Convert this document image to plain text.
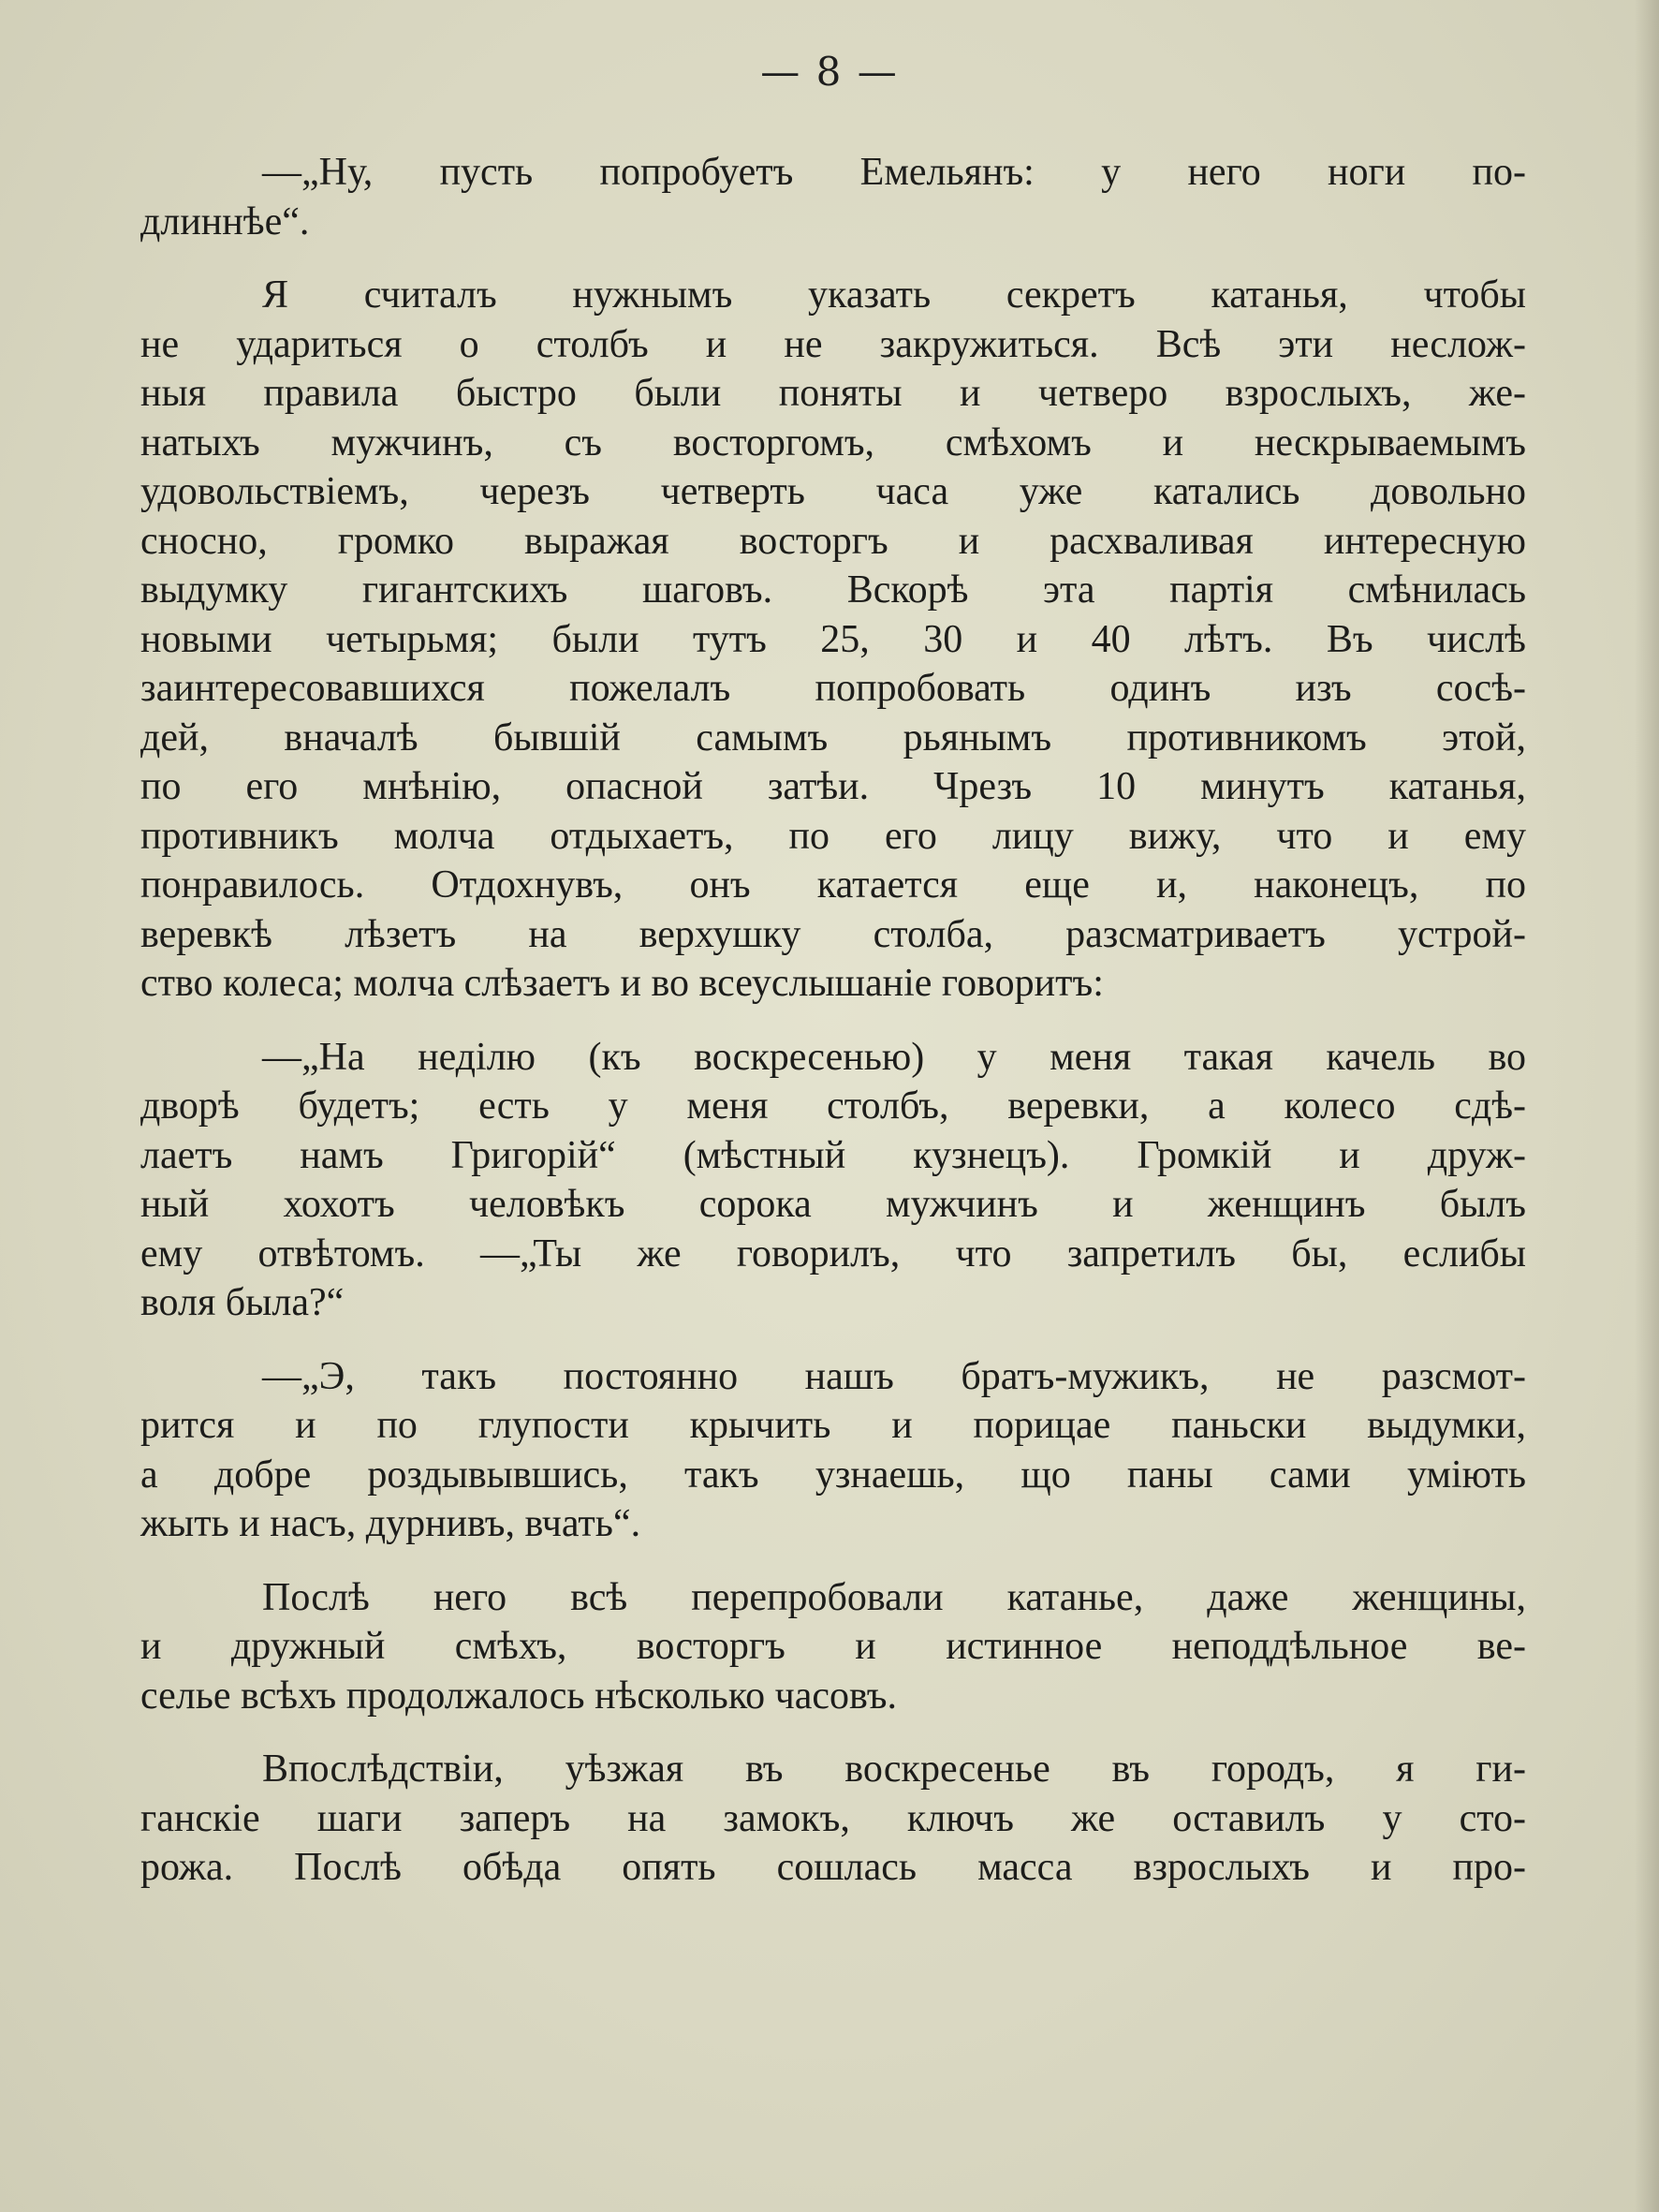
— 8 —
—„Ну, пусть попробуетъ Емельянъ: у него ноги по-
длиннѣе“.
Я считалъ нужнымъ указать секретъ катанья, чтобы
не удариться о столбъ и не закружиться. Всѣ эти неслож-
ныя правила быстро были поняты и четверо взрослыхъ, же-
натыхъ мужчинъ, съ восторгомъ, смѣхомъ и нескрываемымъ
удовольствіемъ, черезъ четверть часа уже катались довольно
сносно, громко выражая восторгъ и расхваливая интересную
выдумку гигантскихъ шаговъ. Вскорѣ эта партія смѣнилась
новыми четырьмя; были тутъ 25, 30 и 40 лѣтъ. Въ числѣ
заинтересовавшихся пожелалъ попробовать одинъ изъ сосѣ-
дей, вначалѣ бывшій самымъ рьянымъ противникомъ этой,
по его мнѣнію, опасной затѣи. Чрезъ 10 минутъ катанья,
противникъ молча отдыхаетъ, по его лицу вижу, что и ему
понравилось. Отдохнувъ, онъ катается еще и, наконецъ, по
веревкѣ лѣзетъ на верхушку столба, разсматриваетъ устрой-
ство колеса; молча слѣзаетъ и во всеуслышаніе говоритъ:
—„На неділю (къ воскресенью) у меня такая качель во
дворѣ будетъ; есть у меня столбъ, веревки, а колесо сдѣ-
лаетъ намъ Григорій“ (мѣстный кузнецъ). Громкій и друж-
ный хохотъ человѣкъ сорока мужчинъ и женщинъ былъ
ему отвѣтомъ. —„Ты же говорилъ, что запретилъ бы, еслибы
воля была?“
—„Э, такъ постоянно нашъ братъ-мужикъ, не разсмот-
рится и по глупости крычить и порицае паньски выдумки,
а добре роздывывшись, такъ узнаешь, що паны сами уміють
жыть и насъ, дурнивъ, вчать“.
Послѣ него всѣ перепробовали катанье, даже женщины,
и дружный смѣхъ, восторгъ и истинное неподдѣльное ве-
селье всѣхъ продолжалось нѣсколько часовъ.
Впослѣдствіи, уѣзжая въ воскресенье въ городъ, я ги-
ганскіе шаги заперъ на замокъ, ключъ же оставилъ у сто-
рожа. Послѣ обѣда опять сошлась масса взрослыхъ и про-
